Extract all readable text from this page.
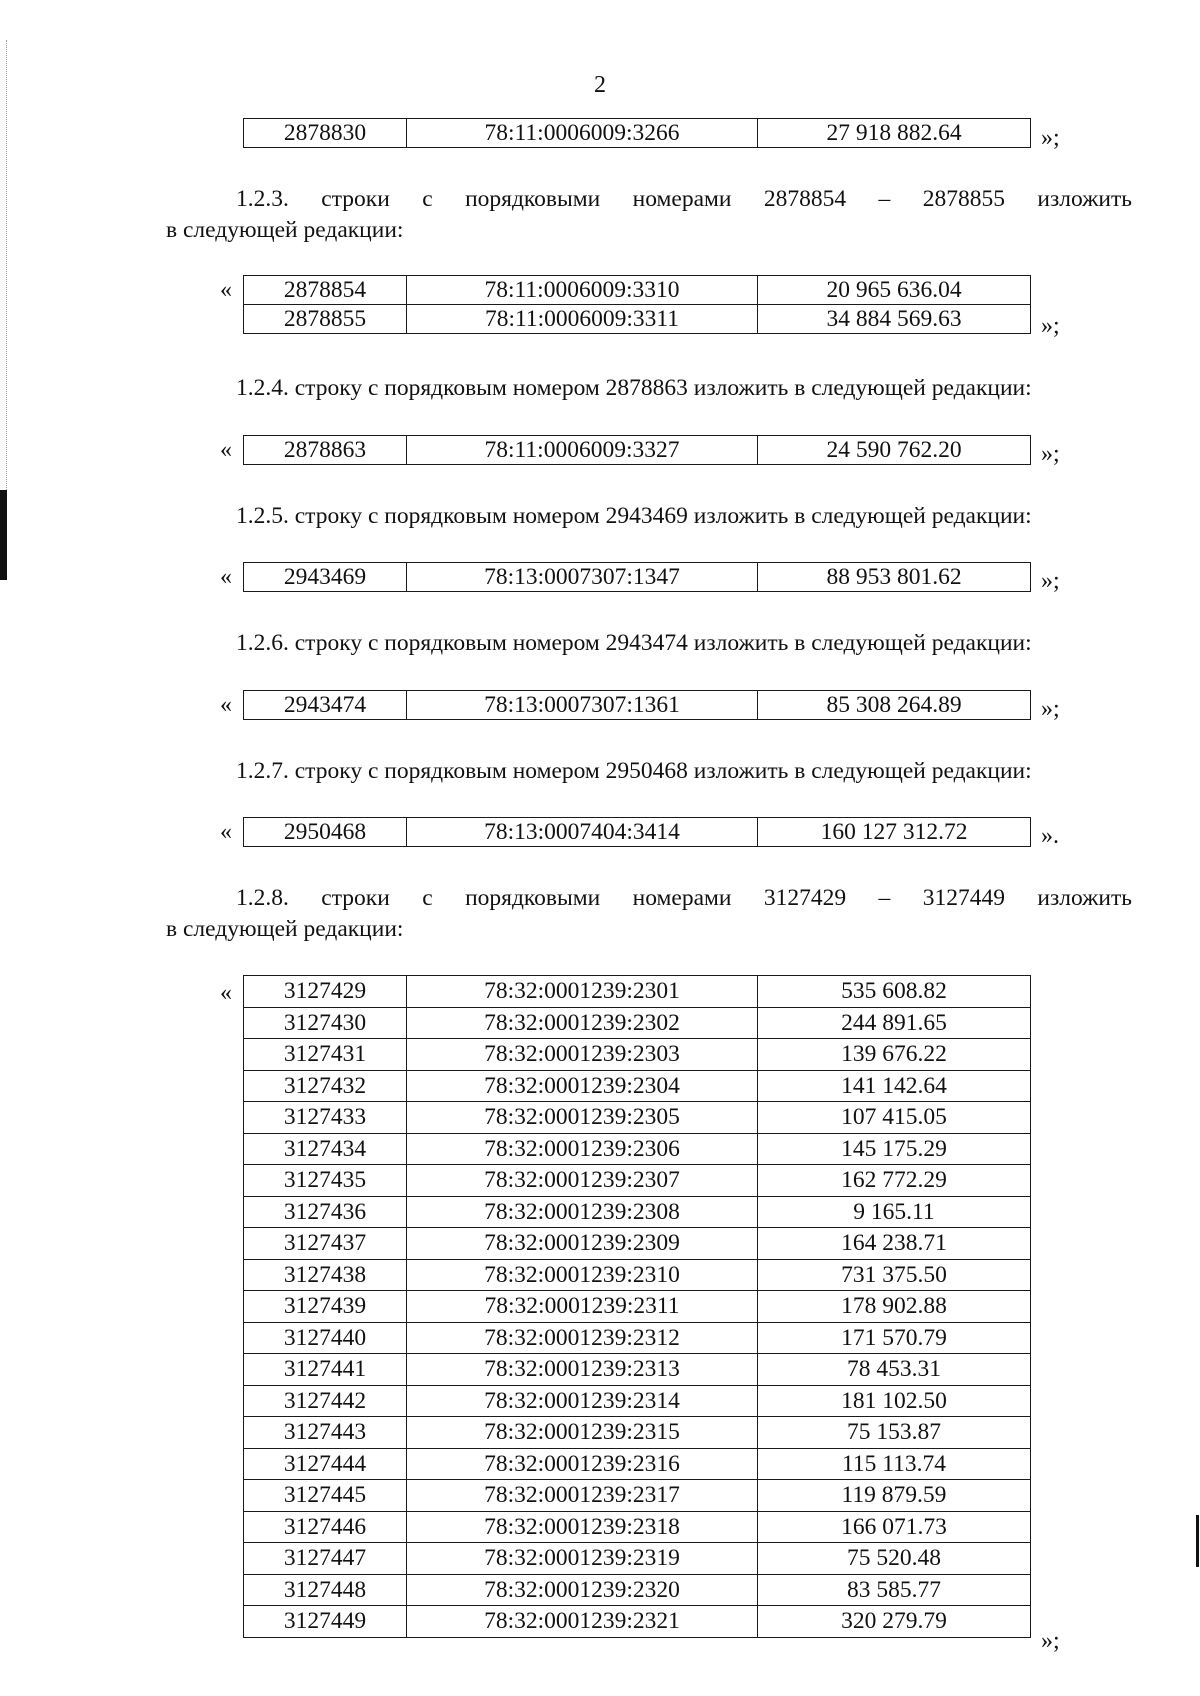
2
2878830	78:11:0006009:3266	27 918 882.64	»;
1.2.3. строки с порядковыми номерами 2878854 – 2878855 изложить
в следующей редакции:
« 2878854	78:11:0006009:3310	20 965 636.04
2878855	78:11:0006009:3311	34 884 569.63	»;
1.2.4. строку с порядковым номером 2878863 изложить в следующей редакции:
« 2878863	78:11:0006009:3327	24 590 762.20	»;
1.2.5. строку с порядковым номером 2943469 изложить в следующей редакции:
« 2943469	78:13:0007307:1347	88 953 801.62	»;
1.2.6. строку с порядковым номером 2943474 изложить в следующей редакции:
« 2943474	78:13:0007307:1361	85 308 264.89	»;
1.2.7. строку с порядковым номером 2950468 изложить в следующей редакции:
« 2950468	78:13:0007404:3414	160 127 312.72	».
1.2.8. строки с порядковыми номерами 3127429 – 3127449 изложить
в следующей редакции:
« 3127429	78:32:0001239:2301	535 608.82
3127430	78:32:0001239:2302	244 891.65
3127431	78:32:0001239:2303	139 676.22
3127432	78:32:0001239:2304	141 142.64
3127433	78:32:0001239:2305	107 415.05
3127434	78:32:0001239:2306	145 175.29
3127435	78:32:0001239:2307	162 772.29
3127436	78:32:0001239:2308	9 165.11
3127437	78:32:0001239:2309	164 238.71
3127438	78:32:0001239:2310	731 375.50
3127439	78:32:0001239:2311	178 902.88
3127440	78:32:0001239:2312	171 570.79
3127441	78:32:0001239:2313	78 453.31
3127442	78:32:0001239:2314	181 102.50
3127443	78:32:0001239:2315	75 153.87
3127444	78:32:0001239:2316	115 113.74
3127445	78:32:0001239:2317	119 879.59
3127446	78:32:0001239:2318	166 071.73
3127447	78:32:0001239:2319	75 520.48
3127448	78:32:0001239:2320	83 585.77
3127449	78:32:0001239:2321	320 279.79
»;
